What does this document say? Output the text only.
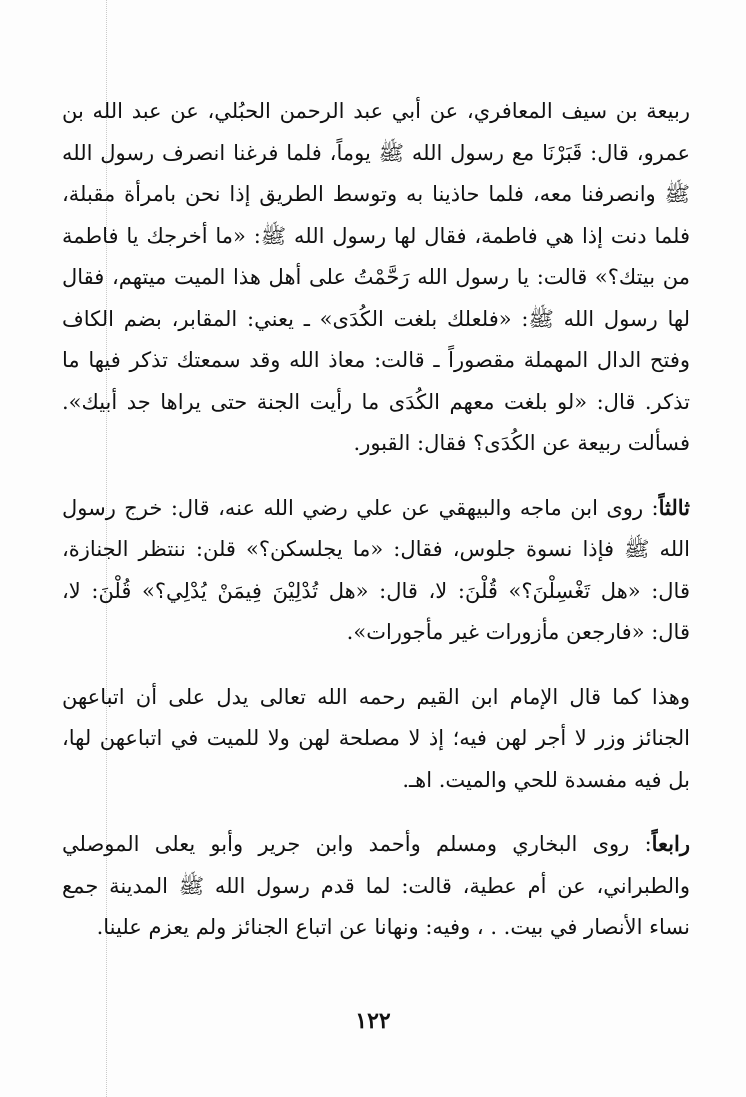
ربيعة بن سيف المعافري، عن أبي عبد الرحمن الحبُلي، عن عبد الله بن عمرو، قال: قَبَرْنَا مع رسول الله ﷺ يوماً، فلما فرغنا انصرف رسول الله ﷺ وانصرفنا معه، فلما حاذينا به وتوسط الطريق إذا نحن بامرأة مقبلة، فلما دنت إذا هي فاطمة، فقال لها رسول الله ﷺ: «ما أخرجك يا فاطمة من بيتك؟» قالت: يا رسول الله رَحَّمْتُ على أهل هذا الميت ميتهم، فقال لها رسول الله ﷺ: «فلعلك بلغت الكُدَى» ـ يعني: المقابر، بضم الكاف وفتح الدال المهملة مقصوراً ـ قالت: معاذ الله وقد سمعتك تذكر فيها ما تذكر. قال: «لو بلغت معهم الكُدَى ما رأيت الجنة حتى يراها جد أبيك». فسألت ربيعة عن الكُدَى؟ فقال: القبور.

ثالثاً: روى ابن ماجه والبيهقي عن علي رضي الله عنه، قال: خرج رسول الله ﷺ فإذا نسوة جلوس، فقال: «ما يجلسكن؟» قلن: ننتظر الجنازة، قال: «هل تَغْسِلْنَ؟» قُلْنَ: لا، قال: «هل تُدْلِيْنَ فِيمَنْ يُدْلِي؟» قُلْنَ: لا، قال: «فارجعن مأزورات غير مأجورات».

وهذا كما قال الإمام ابن القيم رحمه الله تعالى يدل على أن اتباعهن الجنائز وزر لا أجر لهن فيه؛ إذ لا مصلحة لهن ولا للميت في اتباعهن لها، بل فيه مفسدة للحي والميت. اهـ.

رابعاً: روى البخاري ومسلم وأحمد وابن جرير وأبو يعلى الموصلي والطبراني، عن أم عطية، قالت: لما قدم رسول الله ﷺ المدينة جمع نساء الأنصار في بيت. . ، وفيه: ونهانا عن اتباع الجنائز ولم يعزم علينا.

١٢٢
